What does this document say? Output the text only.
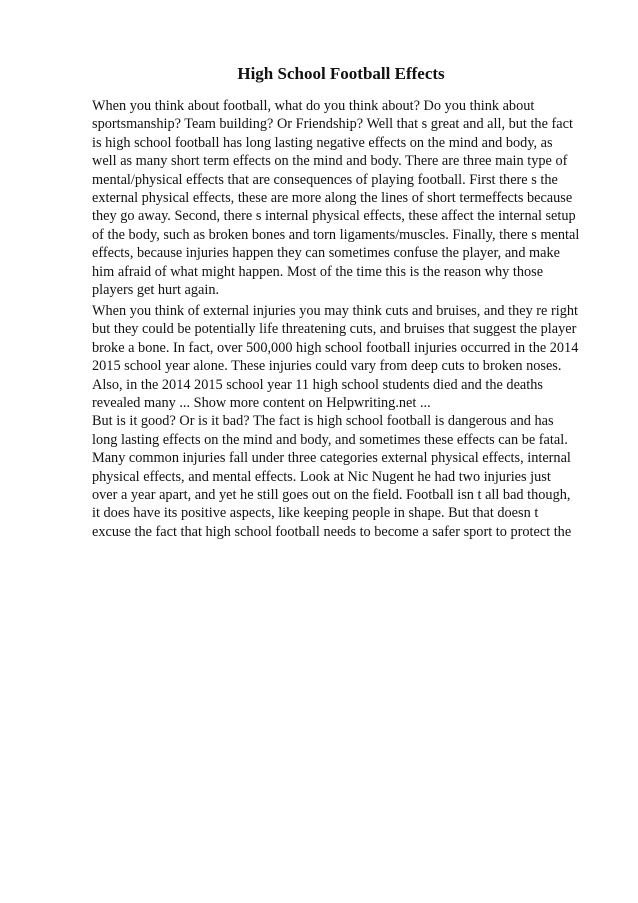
High School Football Effects
When you think about football, what do you think about? Do you think about
sportsmanship? Team building? Or Friendship? Well that s great and all, but the fact
is high school football has long lasting negative effects on the mind and body, as
well as many short term effects on the mind and body. There are three main type of
mental/physical effects that are consequences of playing football. First there s the
external physical effects, these are more along the lines of short termeffects because
they go away. Second, there s internal physical effects, these affect the internal setup
of the body, such as broken bones and torn ligaments/muscles. Finally, there s mental
effects, because injuries happen they can sometimes confuse the player, and make
him afraid of what might happen. Most of the time this is the reason why those
players get hurt again.
When you think of external injuries you may think cuts and bruises, and they re right
but they could be potentially life threatening cuts, and bruises that suggest the player
broke a bone. In fact, over 500,000 high school football injuries occurred in the 2014
2015 school year alone. These injuries could vary from deep cuts to broken noses.
Also, in the 2014 2015 school year 11 high school students died and the deaths
revealed many ... Show more content on Helpwriting.net ...
But is it good? Or is it bad? The fact is high school football is dangerous and has
long lasting effects on the mind and body, and sometimes these effects can be fatal.
Many common injuries fall under three categories external physical effects, internal
physical effects, and mental effects. Look at Nic Nugent he had two injuries just
over a year apart, and yet he still goes out on the field. Football isn t all bad though,
it does have its positive aspects, like keeping people in shape. But that doesn t
excuse the fact that high school football needs to become a safer sport to protect the
